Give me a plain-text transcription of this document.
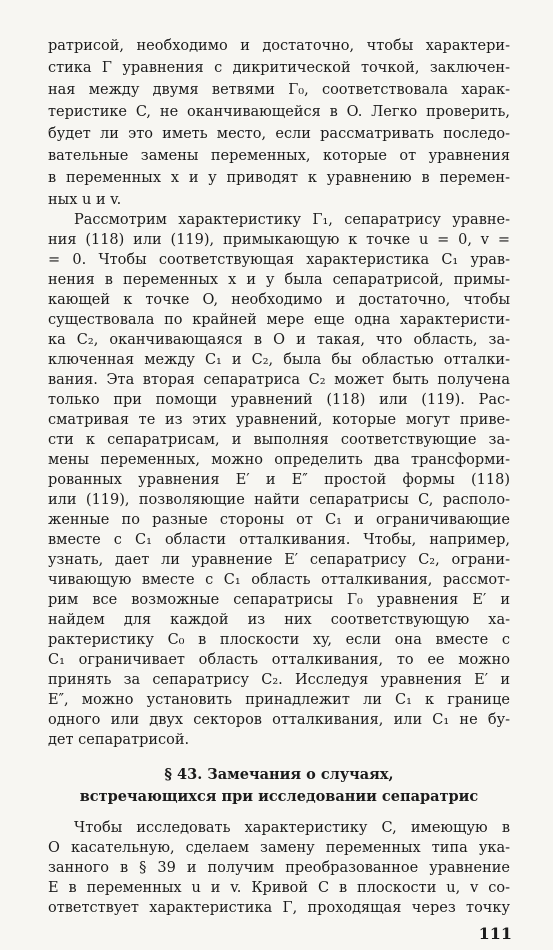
ратрисой, необходимо и достаточно, чтобы характери-
стика Γ уравнения с дикритической точкой, заключен-
ная между двумя ветвями Γ₀, соответствовала харак-
теристике C, не оканчивающейся в O. Легко проверить,
будет ли это иметь место, если рассматривать последо-
вательные замены переменных, которые от уравнения
в переменных x и y приводят к уравнению в перемен-
ных u и v.
Рассмотрим характеристику Γ₁, сепаратрису уравне-
ния (118) или (119), примыкающую к точке u = 0, v =
= 0. Чтобы соответствующая характеристика C₁ урав-
нения в переменных x и y была сепаратрисой, примы-
кающей к точке O, необходимо и достаточно, чтобы
существовала по крайней мере еще одна характеристи-
ка C₂, оканчивающаяся в O и такая, что область, за-
ключенная между C₁ и C₂, была бы областью отталки-
вания. Эта вторая сепаратриса C₂ может быть получена
только при помощи уравнений (118) или (119). Рас-
сматривая те из этих уравнений, которые могут приве-
сти к сепаратрисам, и выполняя соответствующие за-
мены переменных, можно определить два трансформи-
рованных уравнения E′ и E″ простой формы (118)
или (119), позволяющие найти сепаратрисы C, располо-
женные по разные стороны от C₁ и ограничивающие
вместе с C₁ области отталкивания. Чтобы, например,
узнать, дает ли уравнение E′ сепаратрису C₂, ограни-
чивающую вместе с C₁ область отталкивания, рассмот-
рим все возможные сепаратрисы Γ₀ уравнения E′ и
найдем для каждой из них соответствующую ха-
рактеристику C₀ в плоскости xy, если она вместе с
C₁ ограничивает область отталкивания, то ее можно
принять за сепаратрису C₂. Исследуя уравнения E′ и
E″, можно установить принадлежит ли C₁ к границе
одного или двух секторов отталкивания, или C₁ не бу-
дет сепаратрисой.
§ 43. Замечания о случаях,
встречающихся при исследовании сепаратрис
Чтобы исследовать характеристику C, имеющую в
O касательную, сделаем замену переменных типа ука-
занного в § 39 и получим преобразованное уравнение
E в переменных u и v. Кривой C в плоскости u, v со-
ответствует характеристика Γ, проходящая через точку
111
